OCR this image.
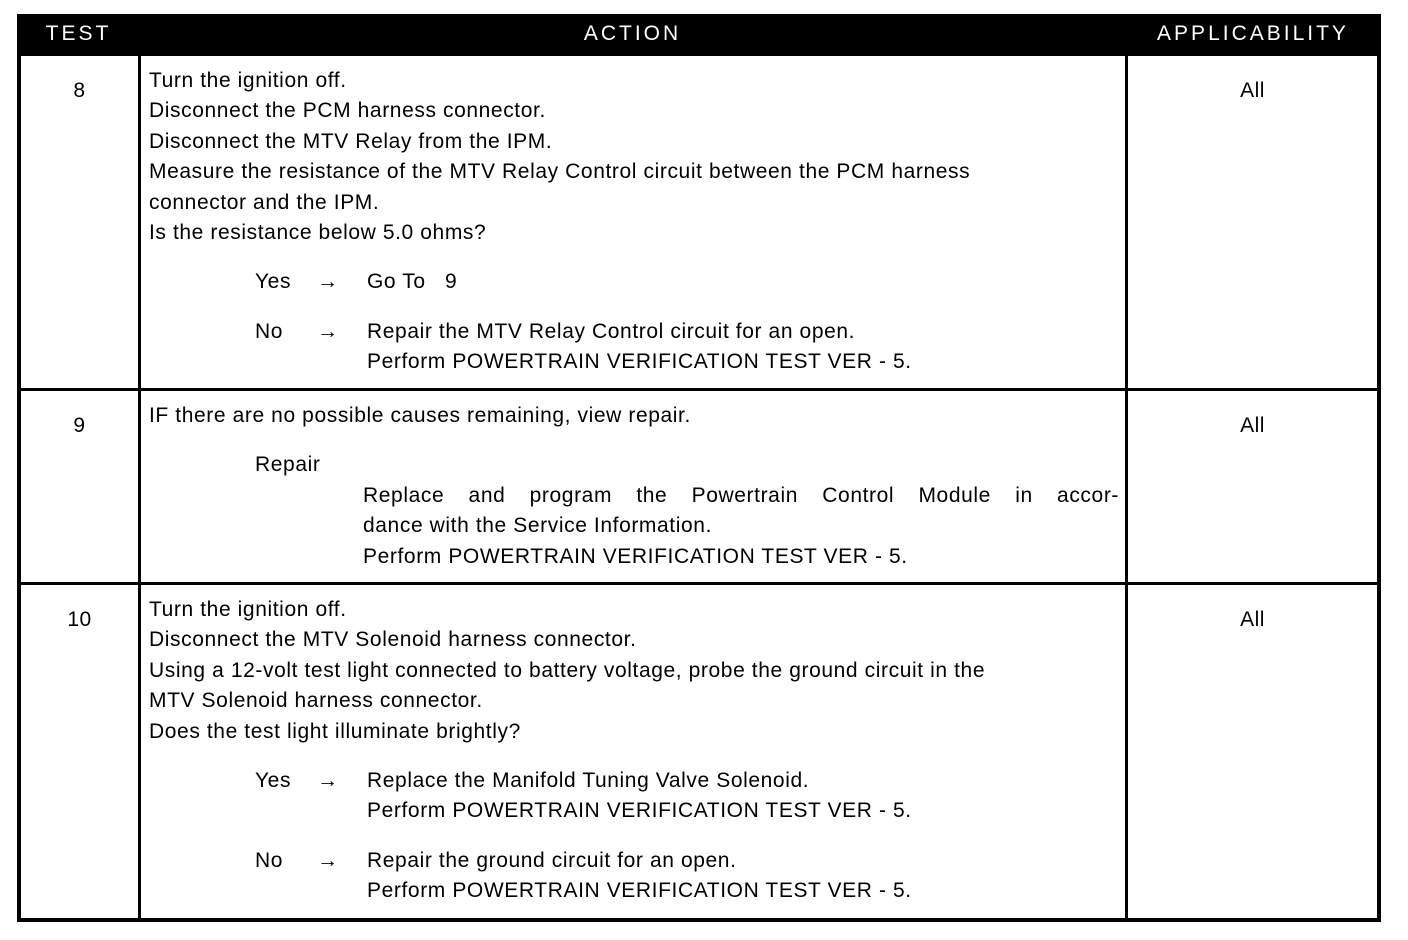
TEST	ACTION	APPLICABILITY
8	Turn the ignition off.
Disconnect the PCM harness connector.
Disconnect the MTV Relay from the IPM.
Measure the resistance of the MTV Relay Control circuit between the PCM harness
connector and the IPM.
Is the resistance below 5.0 ohms?
Yes → Go To   9
No → Repair the MTV Relay Control circuit for an open.
Perform POWERTRAIN VERIFICATION TEST VER - 5.
All
9	IF there are no possible causes remaining, view repair.
Repair
Replace and program the Powertrain Control Module in accor-
dance with the Service Information.
Perform POWERTRAIN VERIFICATION TEST VER - 5.
All
10	Turn the ignition off.
Disconnect the MTV Solenoid harness connector.
Using a 12-volt test light connected to battery voltage, probe the ground circuit in the
MTV Solenoid harness connector.
Does the test light illuminate brightly?
Yes → Replace the Manifold Tuning Valve Solenoid.
Perform POWERTRAIN VERIFICATION TEST VER - 5.
No → Repair the ground circuit for an open.
Perform POWERTRAIN VERIFICATION TEST VER - 5.
All
